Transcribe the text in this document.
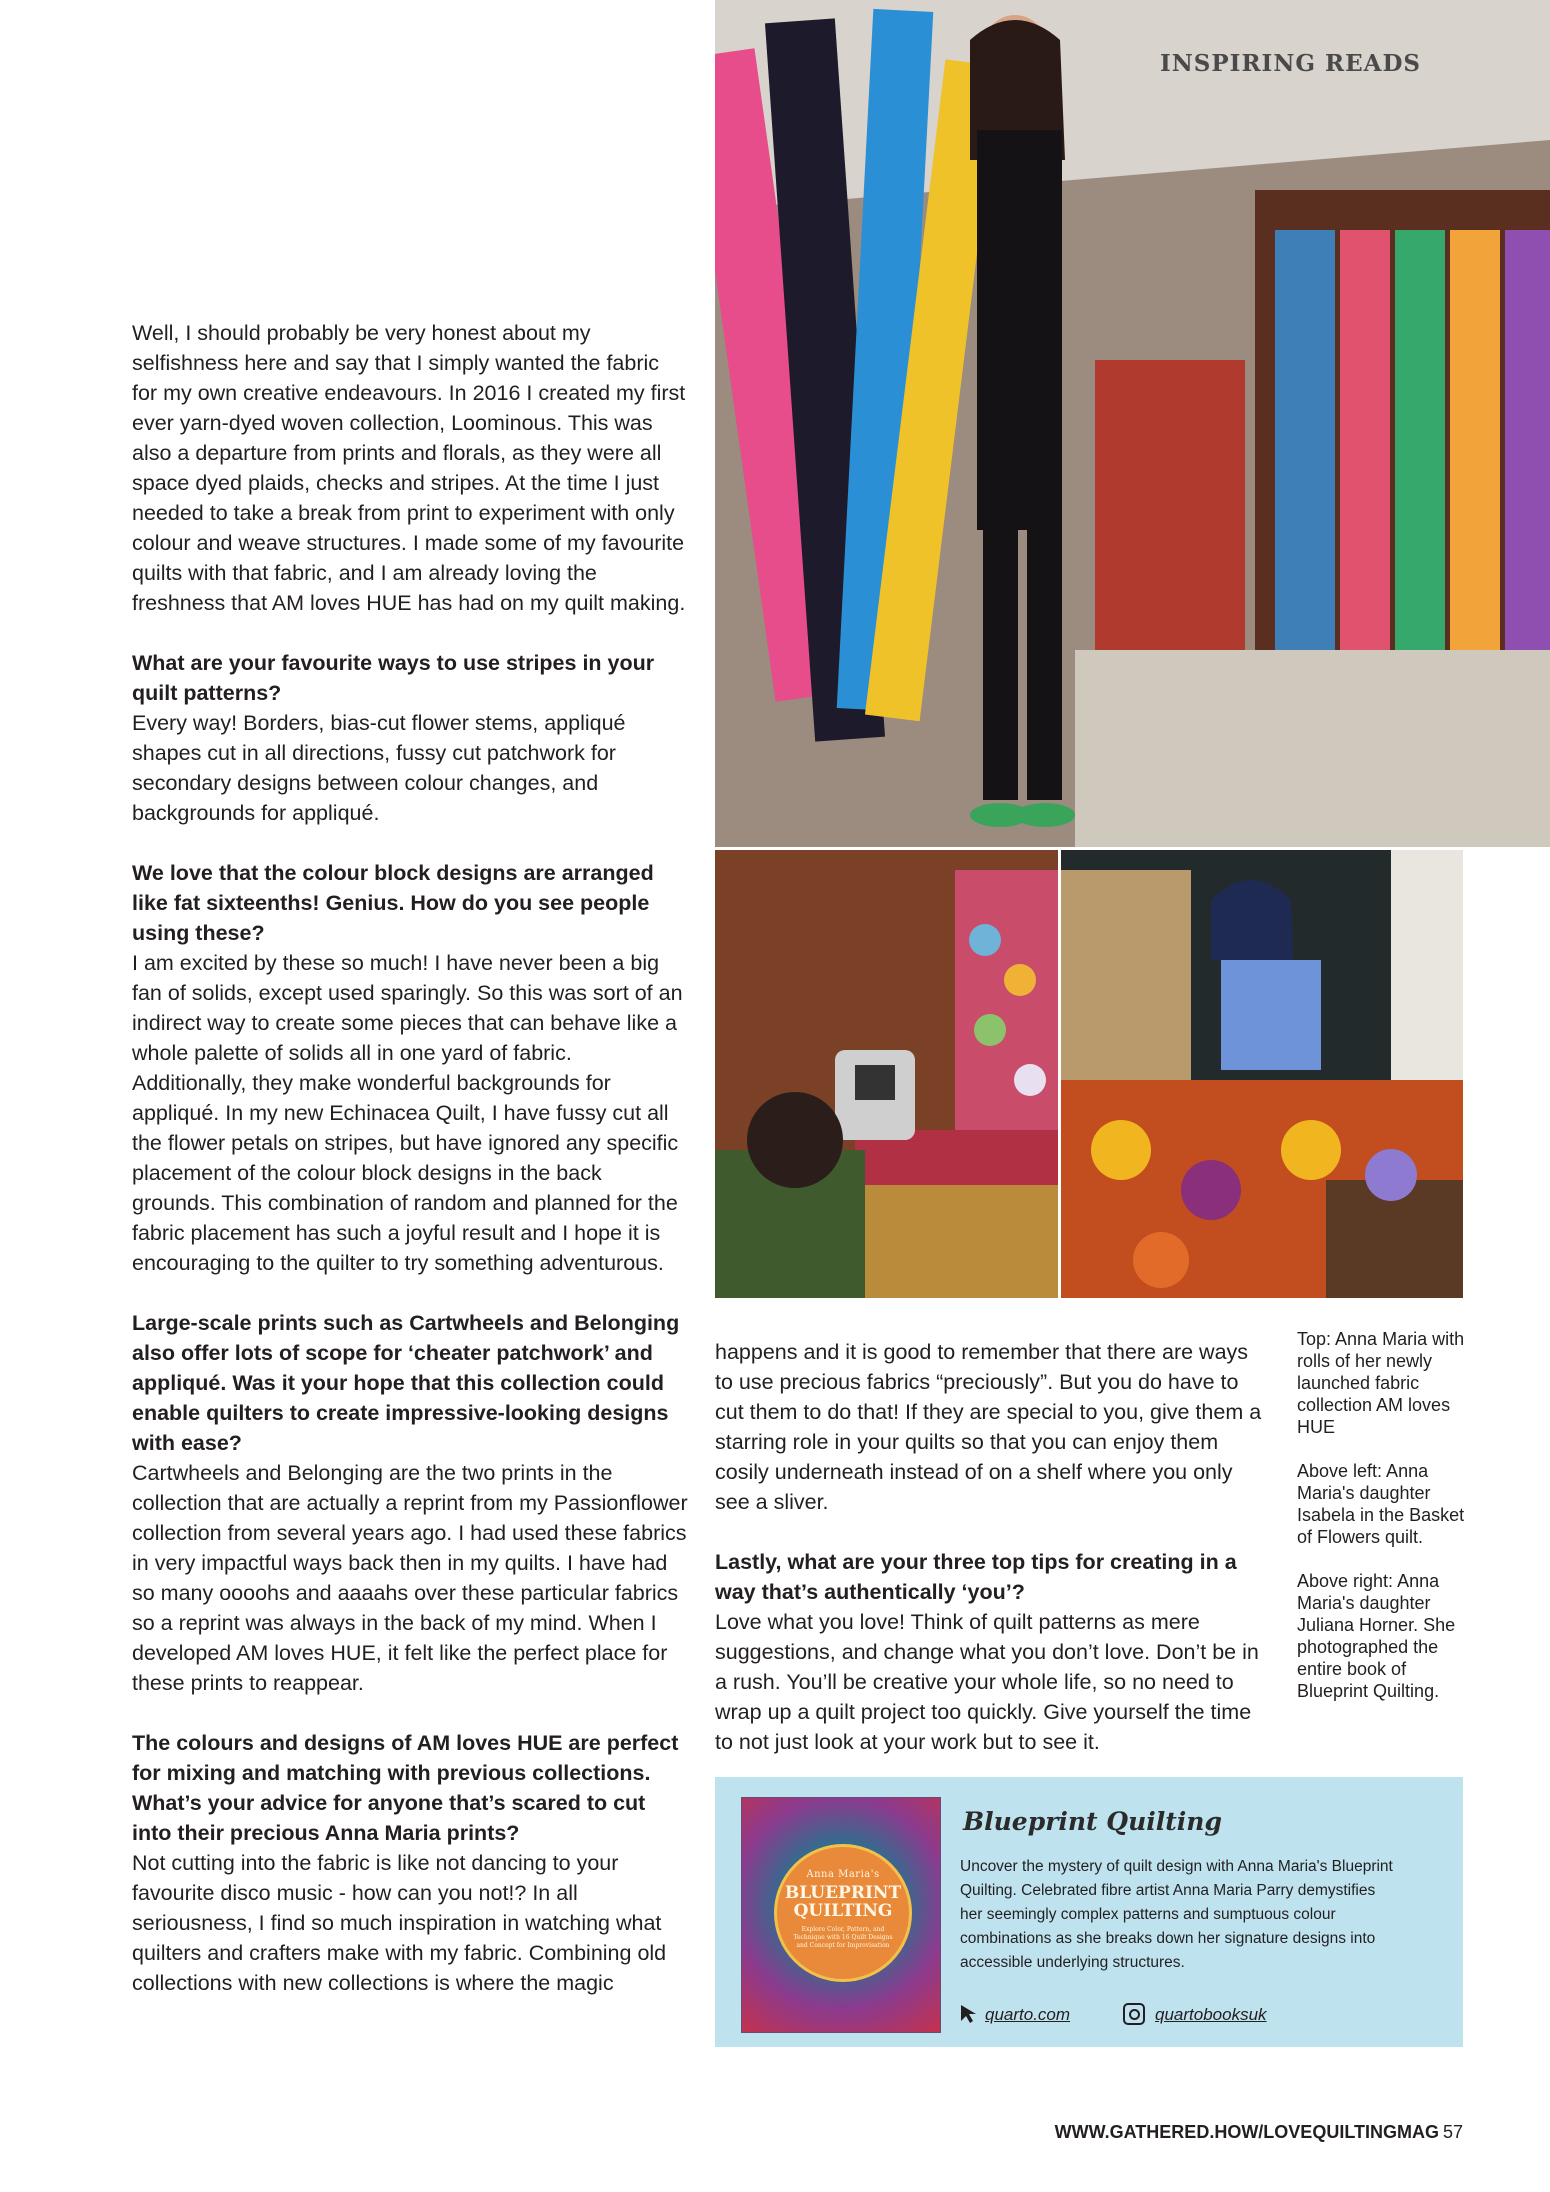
INSPIRING READS

Well, I should probably be very honest about my selfishness here and say that I simply wanted the fabric for my own creative endeavours. In 2016 I created my first ever yarn-dyed woven collection, Loominous. This was also a departure from prints and florals, as they were all space dyed plaids, checks and stripes. At the time I just needed to take a break from print to experiment with only colour and weave structures. I made some of my favourite quilts with that fabric, and I am already loving the freshness that AM loves HUE has had on my quilt making.

What are your favourite ways to use stripes in your quilt patterns?
Every way! Borders, bias-cut flower stems, appliqué shapes cut in all directions, fussy cut patchwork for secondary designs between colour changes, and backgrounds for appliqué.

We love that the colour block designs are arranged like fat sixteenths! Genius. How do you see people using these?
I am excited by these so much! I have never been a big fan of solids, except used sparingly. So this was sort of an indirect way to create some pieces that can behave like a whole palette of solids all in one yard of fabric. Additionally, they make wonderful backgrounds for appliqué. In my new Echinacea Quilt, I have fussy cut all the flower petals on stripes, but have ignored any specific placement of the colour block designs in the back grounds. This combination of random and planned for the fabric placement has such a joyful result and I hope it is encouraging to the quilter to try something adventurous.

Large-scale prints such as Cartwheels and Belonging also offer lots of scope for ‘cheater patchwork’ and appliqué. Was it your hope that this collection could enable quilters to create impressive-looking designs with ease?
Cartwheels and Belonging are the two prints in the collection that are actually a reprint from my Passionflower collection from several years ago. I had used these fabrics in very impactful ways back then in my quilts. I have had so many oooohs and aaaahs over these particular fabrics so a reprint was always in the back of my mind. When I developed AM loves HUE, it felt like the perfect place for these prints to reappear.

The colours and designs of AM loves HUE are perfect for mixing and matching with previous collections. What’s your advice for anyone that’s scared to cut into their precious Anna Maria prints?
Not cutting into the fabric is like not dancing to your favourite disco music - how can you not!? In all seriousness, I find so much inspiration in watching what quilters and crafters make with my fabric. Combining old collections with new collections is where the magic

happens and it is good to remember that there are ways to use precious fabrics “preciously”. But you do have to cut them to do that! If they are special to you, give them a starring role in your quilts so that you can enjoy them cosily underneath instead of on a shelf where you only see a sliver.

Lastly, what are your three top tips for creating in a way that’s authentically ‘you’?
Love what you love! Think of quilt patterns as mere suggestions, and change what you don’t love. Don’t be in a rush. You’ll be creative your whole life, so no need to wrap up a quilt project too quickly. Give yourself the time to not just look at your work but to see it.

Top: Anna Maria with rolls of her newly launched fabric collection AM loves HUE

Above left: Anna Maria's daughter Isabela in the Basket of Flowers quilt.

Above right: Anna Maria's daughter Juliana Horner. She photographed the entire book of Blueprint Quilting.

Anna Maria's
BLUEPRINT QUILTING
Explore Color, Pattern, and Technique with 16 Quilt Designs and Concept for Improvisation
Blueprint Quilting
Uncover the mystery of quilt design with Anna Maria's Blueprint Quilting. Celebrated fibre artist Anna Maria Parry demystifies her seemingly complex patterns and sumptuous colour combinations as she breaks down her signature designs into accessible underlying structures.
quarto.com	quartobooksuk
WWW.GATHERED.HOW/LOVEQUILTINGMAG 57
